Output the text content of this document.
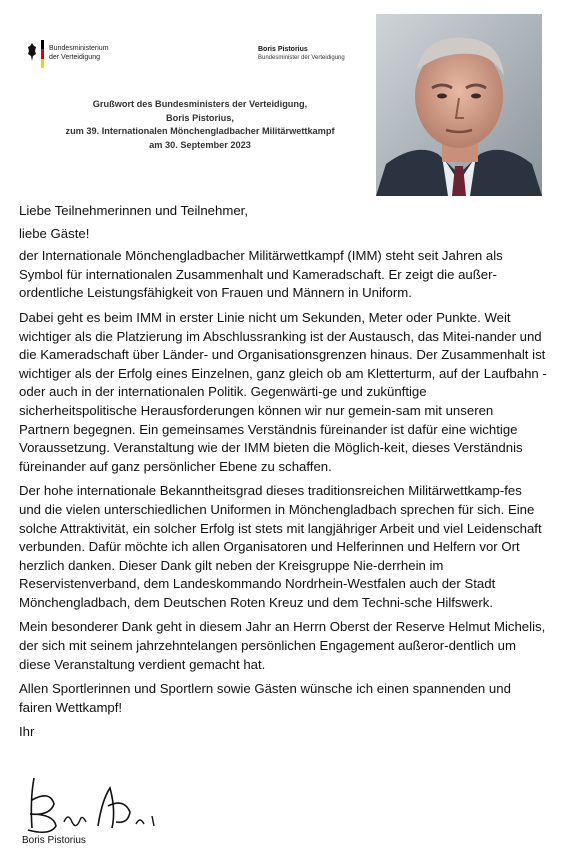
Bundesministerium
der Verteidigung
Boris Pistorius
Bundesminister der Verteidigung
Grußwort des Bundesministers der Verteidigung,
Boris Pistorius,
zum 39. Internationalen Mönchengladbacher Militärwettkampf
am 30. September 2023

Liebe Teilnehmerinnen und Teilnehmer,

liebe Gäste!

der Internationale Mönchengladbacher Militärwettkampf (IMM) steht seit Jahren als Symbol für internationalen Zusammenhalt und Kameradschaft. Er zeigt die außer-ordentliche Leistungsfähigkeit von Frauen und Männern in Uniform.

Dabei geht es beim IMM in erster Linie nicht um Sekunden, Meter oder Punkte. Weit wichtiger als die Platzierung im Abschlussranking ist der Austausch, das Mitei-nander und die Kameradschaft über Länder- und Organisationsgrenzen hinaus. Der Zusammenhalt ist wichtiger als der Erfolg eines Einzelnen, ganz gleich ob am Kletterturm, auf der Laufbahn - oder auch in der internationalen Politik. Gegenwärti-ge und zukünftige sicherheitspolitische Herausforderungen können wir nur gemein-sam mit unseren Partnern begegnen. Ein gemeinsames Verständnis füreinander ist dafür eine wichtige Voraussetzung. Veranstaltung wie der IMM bieten die Möglich-keit, dieses Verständnis füreinander auf ganz persönlicher Ebene zu schaffen.

Der hohe internationale Bekanntheitsgrad dieses traditionsreichen Militärwettkamp-fes und die vielen unterschiedlichen Uniformen in Mönchengladbach sprechen für sich. Eine solche Attraktivität, ein solcher Erfolg ist stets mit langjähriger Arbeit und viel Leidenschaft verbunden. Dafür möchte ich allen Organisatoren und Helferinnen und Helfern vor Ort herzlich danken. Dieser Dank gilt neben der Kreisgruppe Nie-derrhein im Reservistenverband, dem Landeskommando Nordrhein-Westfalen auch der Stadt Mönchengladbach, dem Deutschen Roten Kreuz und dem Techni-sche Hilfswerk.

Mein besonderer Dank geht in diesem Jahr an Herrn Oberst der Reserve Helmut Michelis, der sich mit seinem jahrzehntelangen persönlichen Engagement außeror-dentlich um diese Veranstaltung verdient gemacht hat.

Allen Sportlerinnen und Sportlern sowie Gästen wünsche ich einen spannenden und fairen Wettkampf!

Ihr

Boris Pistorius
